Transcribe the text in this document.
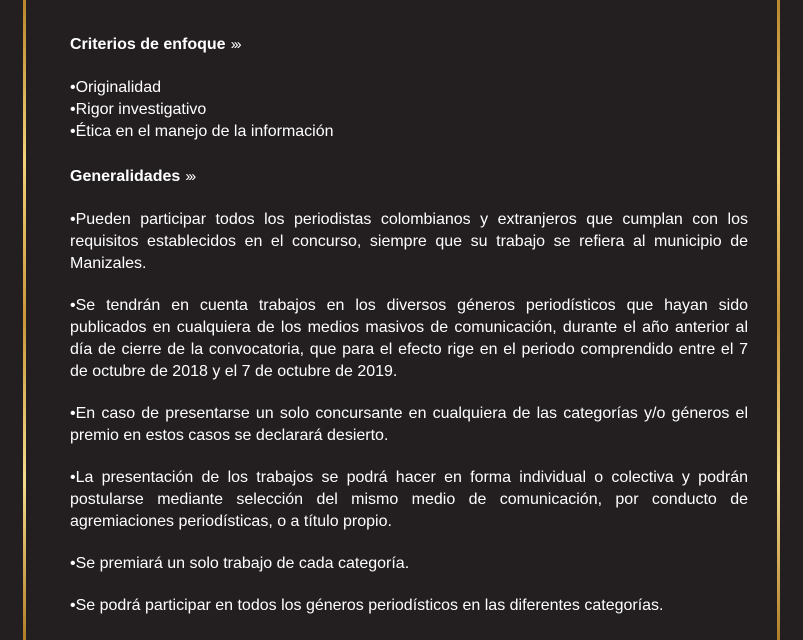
Criterios de enfoque ›››
•Originalidad
•Rigor investigativo
•Ética en el manejo de la información
Generalidades ›››

•Pueden participar todos los periodistas colombianos y extranjeros que cumplan con los requisitos establecidos en el concurso, siempre que su trabajo se refiera al municipio de Manizales.

•Se tendrán en cuenta trabajos en los diversos géneros periodísticos que hayan sido publicados en cualquiera de los medios masivos de comunicación, durante el año anterior al día de cierre de la convocatoria, que para el efecto rige en el periodo comprendido entre el 7 de octubre de 2018 y el 7 de octubre de 2019.

•En caso de presentarse un solo concursante en cualquiera de las categorías y/o géneros el premio en estos casos se declarará desierto.

•La presentación de los trabajos se podrá hacer en forma individual o colectiva y podrán postularse mediante selección del mismo medio de comunicación, por conducto de agremiaciones periodísticas, o a título propio.

•Se premiará un solo trabajo de cada categoría.

•Se podrá participar en todos los géneros periodísticos en las diferentes categorías.
